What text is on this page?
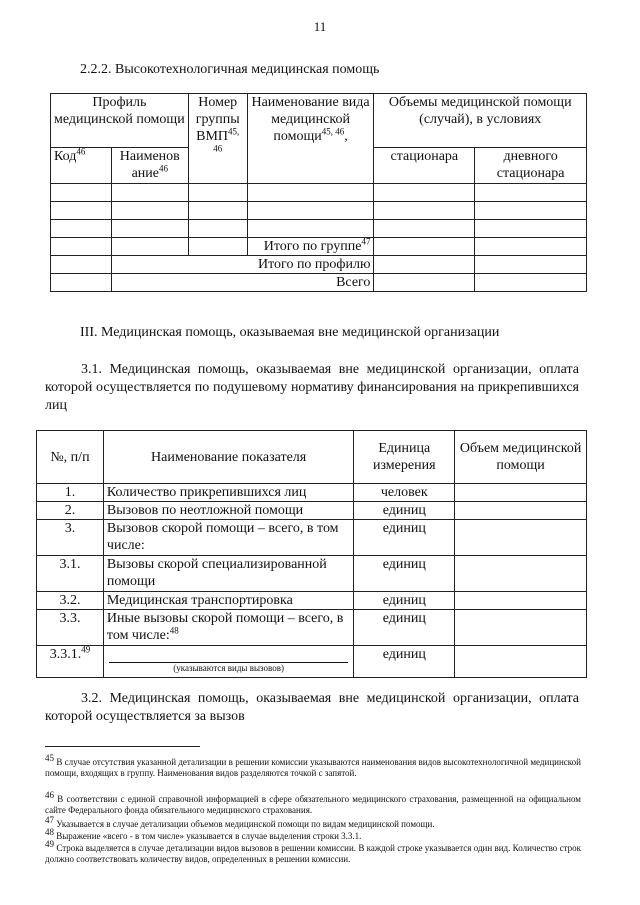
11
2.2.2. Высокотехнологичная медицинская помощь
Профиль медицинской помощи		Номер группы ВМП$^{45, 46}$	Наименование вида медицинской помощи$^{45, 46}$,	Объемы медицинской помощи (случай), в условиях	
Код$^{46}$	Наименов ание$^{46}$			стационара	дневного стационара

			Итого по группе$^{47}$		
	Итого по профилю				
	Всего				
III. Медицинская помощь, оказываемая вне медицинской организации
3.1. Медицинская помощь, оказываемая вне медицинской организации, оплата которой осуществляется по подушевому нормативу финансирования на прикрепившихся лиц
№, п/п	Наименование показателя	Единица измерения	Объем медицинской помощи
1.	Количество прикрепившихся лиц	человек	
2.	Вызовов по неотложной помощи	единиц	
3.	Вызовов скорой помощи – всего, в том числе:	единиц	
3.1.	Вызовы скорой специализированной помощи	единиц	
3.2.	Медицинская транспортировка	единиц	
3.3.	Иные вызовы скорой помощи – всего, в том числе:$^{48}$	единиц	
3.3.1.49	(указываются виды вызовов)	единиц	
3.2. Медицинская помощь, оказываемая вне медицинской организации, оплата которой осуществляется за вызов
$^{45}$ В случае отсутствия указанной детализации в решении комиссии указываются наименования видов высокотехнологичной медицинской помощи, входящих в группу. Наименования видов разделяются точкой с запятой.
$^{46}$ В соответствии с единой справочной информацией в сфере обязательного медицинского страхования, размещенной на официальном сайте Федерального фонда обязательного медицинского страхования.
$^{47}$ Указывается в случае детализации объемов медицинской помощи по видам медицинской помощи.
$^{48}$ Выражение «всего - в том числе» указывается в случае выделения строки 3.3.1.
$^{49}$ Строка выделяется в случае детализации видов вызовов в решении комиссии. В каждой строке указывается один вид. Количество строк должно соответствовать количеству видов, определенных в решении комиссии.
